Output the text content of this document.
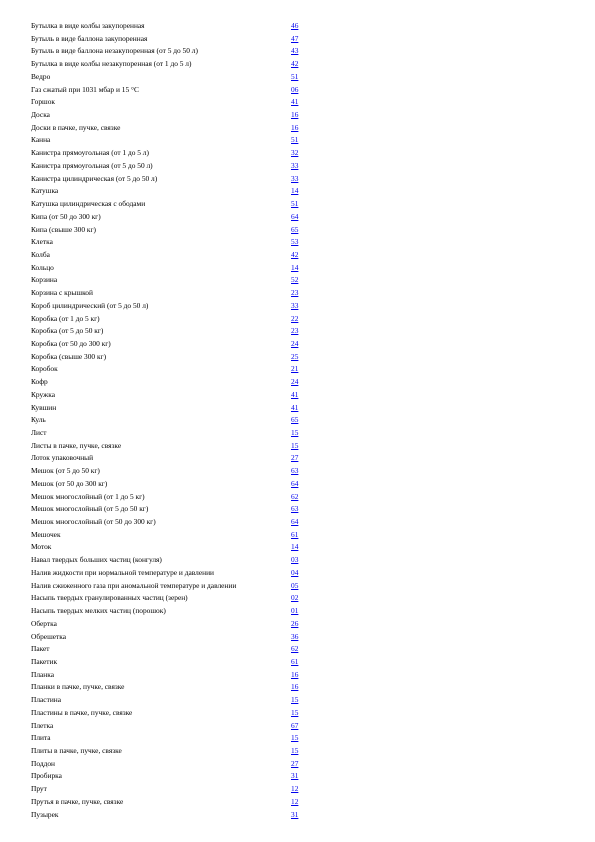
Бутылка в виде колбы закупоренная	46
Бутыль в виде баллона закупоренная	47
Бутыль в виде баллона незакупоренная (от 5 до 50 л)	43
Бутылка в виде колбы незакупоренная (от 1 до 5 л)	42
Ведро	51
Газ сжатый при 1031 мбар и 15 °С	06
Горшок	41
Доска	16
Доски в пачке, пучке, связке	16
Канна	51
Канистра прямоугольная (от 1 до 5 л)	32
Канистра прямоугольная (от 5 до 50 л)	33
Канистра цилиндрическая (от 5 до 50 л)	33
Катушка	14
Катушка цилиндрическая с ободами	51
Кипа (от 50 до 300 кг)	64
Кипа (свыше 300 кг)	65
Клетка	53
Колба	42
Кольцо	14
Корзина	52
Корзина с крышкой	23
Короб цилиндрический (от 5 до 50 л)	33
Коробка (от 1 до 5 кг)	22
Коробка (от 5 до 50 кг)	23
Коробка (от 50 до 300 кг)	24
Коробка (свыше 300 кг)	25
Коробок	21
Кофр	24
Кружка	41
Кувшин	41
Куль	65
Лист	15
Листы в пачке, пучке, связке	15
Лоток упаковочный	27
Мешок (от 5 до 50 кг)	63
Мешок (от 50 до 300 кг)	64
Мешок многослойный (от 1 до 5 кг)	62
Мешок многослойный (от 5 до 50 кг)	63
Мешок многослойный (от 50 до 300 кг)	64
Мешочек	61
Моток	14
Навал твердых больших частиц (конгуля)	03
Налив жидкости при нормальной температуре и давлении	04
Налив сжиженного газа при аномальной температуре и давлении	05
Насыпь твердых гранулированных частиц (зерен)	02
Насыпь твердых мелких частиц (порошок)	01
Обертка	26
Обрешетка	36
Пакет	62
Пакетик	61
Планка	16
Планки в пачке, пучке, связке	16
Пластина	15
Пластины в пачке, пучке, связке	15
Плетка	67
Плита	15
Плиты в пачке, пучке, связке	15
Поддон	27
Пробирка	31
Прут	12
Прутья в пачке, пучке, связке	12
Пузырек	31
